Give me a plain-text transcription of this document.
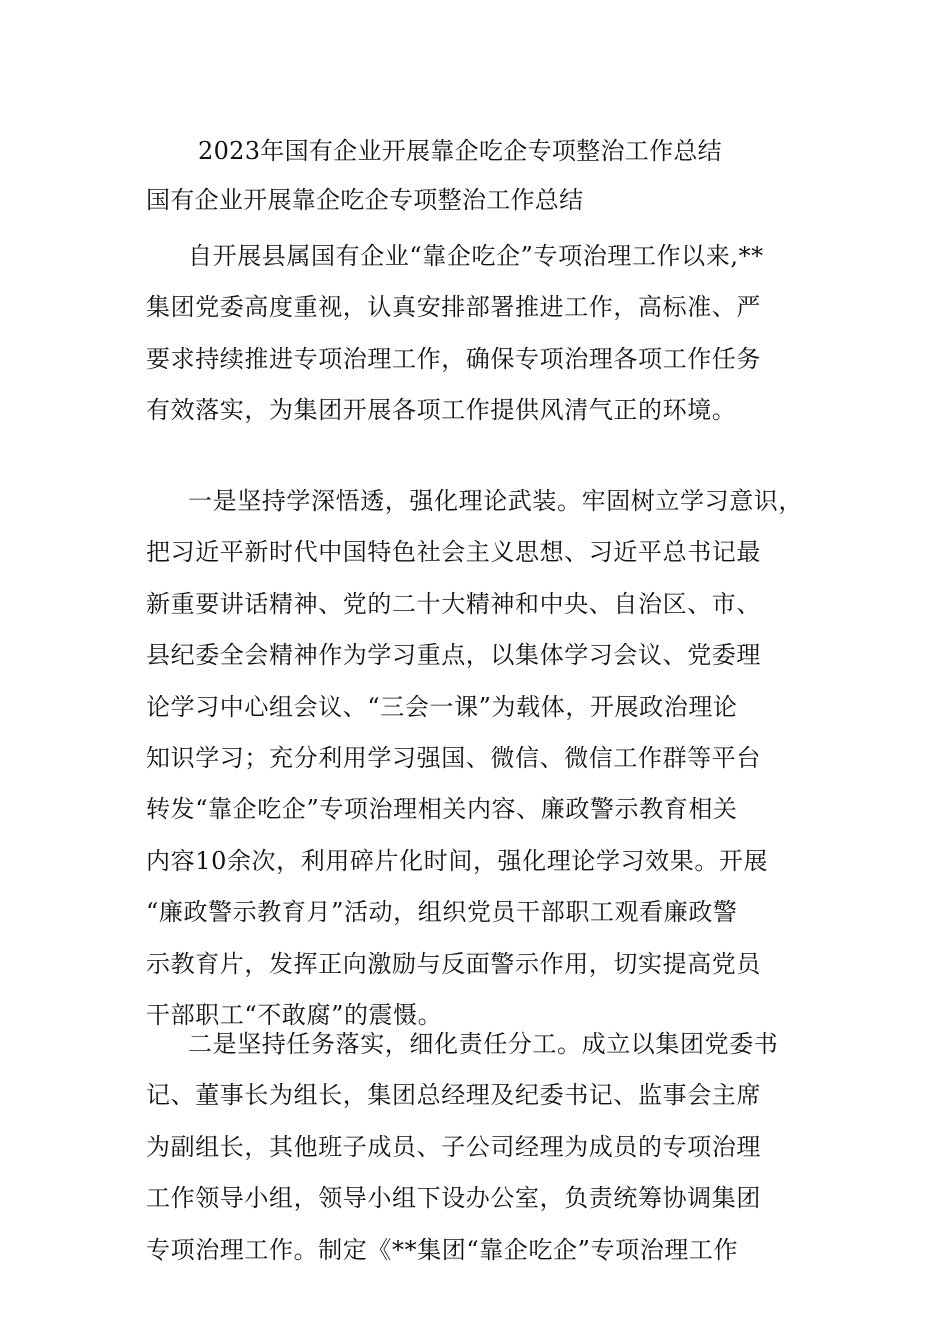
2023年国有企业开展靠企吃企专项整治工作总结
国有企业开展靠企吃企专项整治工作总结
自开展县属国有企业“靠企吃企”专项治理工作以来,**
集团党委高度重视，认真安排部署推进工作，高标准、严
要求持续推进专项治理工作，确保专项治理各项工作任务
有效落实，为集团开展各项工作提供风清气正的环境。
一是坚持学深悟透，强化理论武装。牢固树立学习意识，
把习近平新时代中国特色社会主义思想、习近平总书记最
新重要讲话精神、党的二十大精神和中央、自治区、市、
县纪委全会精神作为学习重点，以集体学习会议、党委理
论学习中心组会议、“三会一课”为载体，开展政治理论
知识学习；充分利用学习强国、微信、微信工作群等平台
转发“靠企吃企”专项治理相关内容、廉政警示教育相关
内容10余次，利用碎片化时间，强化理论学习效果。开展
“廉政警示教育月”活动，组织党员干部职工观看廉政警
示教育片，发挥正向激励与反面警示作用，切实提高党员
干部职工“不敢腐”的震慑。
二是坚持任务落实，细化责任分工。成立以集团党委书
记、董事长为组长，集团总经理及纪委书记、监事会主席
为副组长，其他班子成员、子公司经理为成员的专项治理
工作领导小组，领导小组下设办公室，负责统筹协调集团
专项治理工作。制定《**集团“靠企吃企”专项治理工作
